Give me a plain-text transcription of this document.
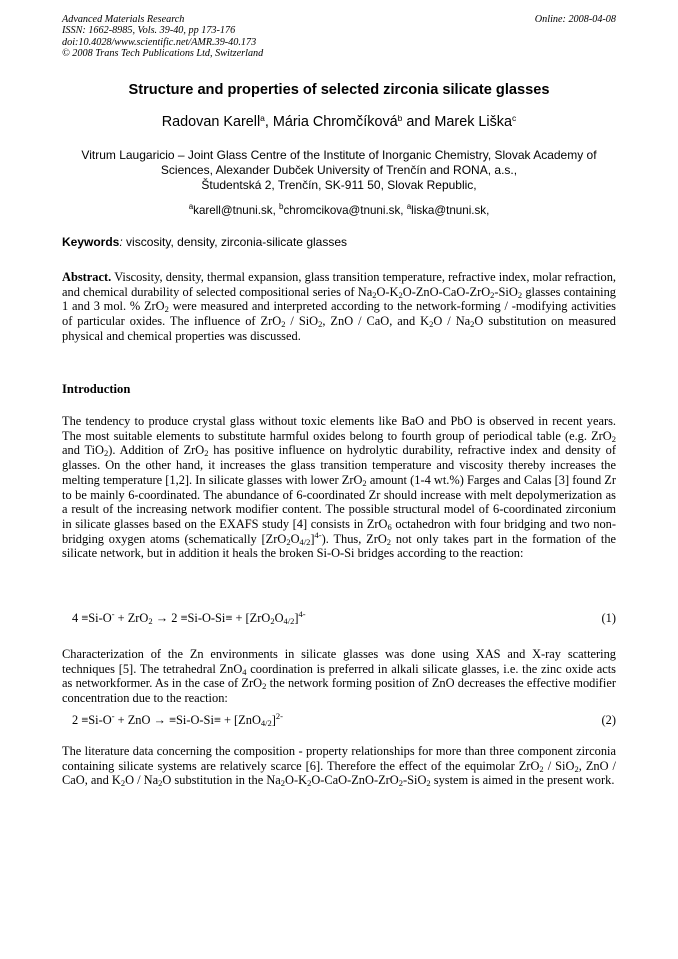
Advanced Materials Research
ISSN: 1662-8985, Vols. 39-40, pp 173-176
doi:10.4028/www.scientific.net/AMR.39-40.173
© 2008 Trans Tech Publications Ltd, Switzerland
Online: 2008-04-08
Structure and properties of selected zirconia silicate glasses
Radovan Karell$^a$, Mária Chromčíková$^b$ and Marek Liška$^c$
Vitrum Laugaricio – Joint Glass Centre of the Institute of Inorganic Chemistry, Slovak Academy of
Sciences, Alexander Dubček University of Trenčín and RONA, a.s.,
Študentská 2, Trenčín, SK-911 50, Slovak Republic,
$^a$karell@tnuni.sk, $^b$chromcikova@tnuni.sk, $^a$liska@tnuni.sk,
Keywords: viscosity, density, zirconia-silicate glasses
Abstract. Viscosity, density, thermal expansion, glass transition temperature, refractive index, molar refraction, and chemical durability of selected compositional series of $Na_2O-K_2O-ZnO-CaO-ZrO_2-SiO_2$ glasses containing 1 and 3 mol. % ZrO$_2$ were measured and interpreted according to the network-forming / -modifying activities of particular oxides. The influence of ZrO$_2$ / SiO$_2$, ZnO / CaO, and $K_2O / Na_2O$ substitution on measured physical and chemical properties was discussed.
Introduction
The tendency to produce crystal glass without toxic elements like BaO and PbO is observed in recent years. The most suitable elements to substitute harmful oxides belong to fourth group of periodical table (e.g. ZrO$_2$ and TiO$_2$). Addition of ZrO$_2$ has positive influence on hydrolytic durability, refractive index and density of glasses. On the other hand, it increases the glass transition temperature and viscosity thereby increases the melting temperature [1,2]. In silicate glasses with lower ZrO$_2$ amount (1-4 wt.%) Farges and Calas [3] found Zr to be mainly 6-coordinated. The abundance of 6-coordinated Zr should increase with melt depolymerization as a result of the increasing network modifier content. The possible structural model of 6-coordinated zirconium in silicate glasses based on the EXAFS study [4] consists in ZrO$_6$ octahedron with four bridging and two non-bridging oxygen atoms (schematically $[ZrO_2O_{4/2}]^{4-}$). Thus, ZrO$_2$ not only takes part in the formation of the silicate network, but in addition it heals the broken Si-O-Si bridges according to the reaction:
$4 \equiv Si-O^- + ZrO_2 \to 2 \equiv Si-O-Si\equiv + [ZrO_2O_{4/2}]^{4-}$	(1)
Characterization of the Zn environments in silicate glasses was done using XAS and X-ray scattering techniques [5]. The tetrahedral ZnO$_4$ coordination is preferred in alkali silicate glasses, i.e. the zinc oxide acts as networkformer. As in the case of ZrO$_2$ the network forming position of ZnO decreases the effective modifier concentration due to the reaction:
2 ≡Si-O- + ZnO → $\equiv Si-O-Si\equiv + [ZnO_{4/2}]^{2-}$	(2)
The literature data concerning the composition - property relationships for more than three component zirconia containing silicate systems are relatively scarce [6]. Therefore the effect of the equimolar ZrO$_2$ / SiO$_2$, ZnO / CaO, and $K_2O / Na_2O$ substitution in the $Na_2O-K_2O-CaO-ZnO-ZrO_2-SiO_2$ system is aimed in the present work.
